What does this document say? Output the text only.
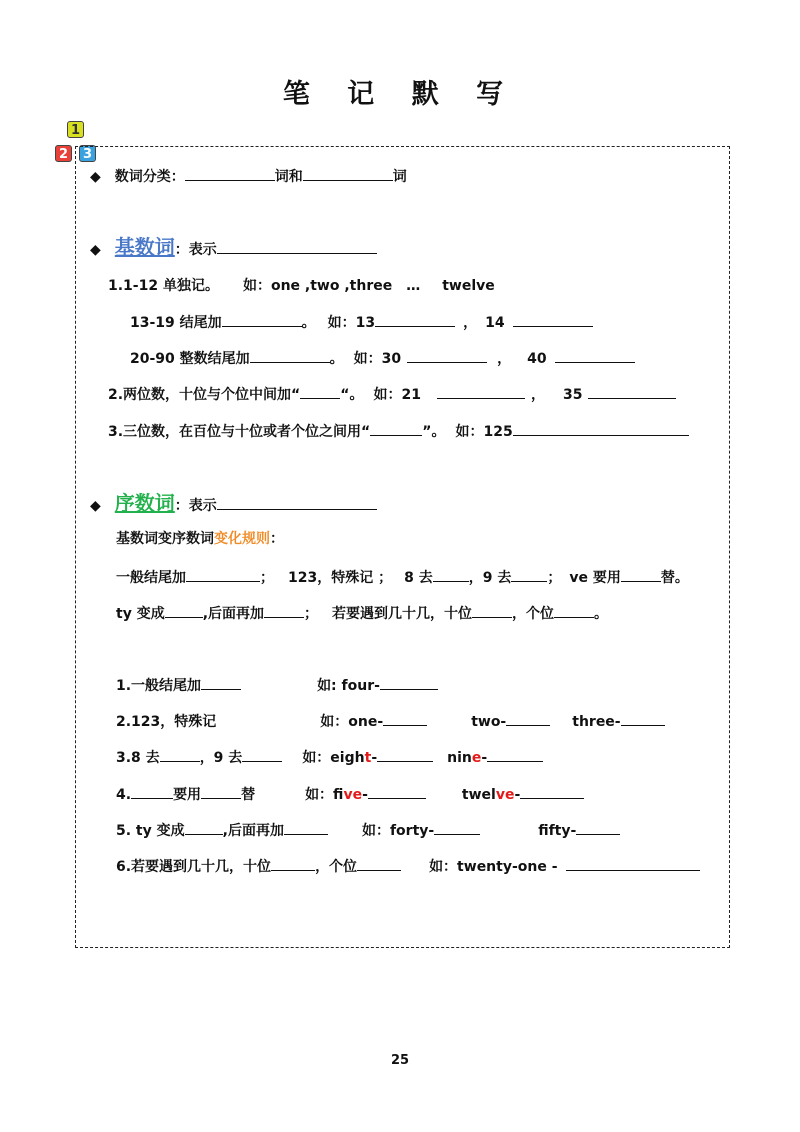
笔 记 默 写
1
2	3
◆ 数词分类：	词和	词
◆ 基数词：表示
1.1-12 单独记。 如：one ,two ,three … twelve
13-19 结尾加	。 如：13	， 14
20-90 整数结尾加	。 如：30	， 40
2.两位数，十位与个位中间加“	“。 如：21	， 35
3.三位数，在百位与十位或者个位之间用“	”。 如：125
◆ 序数词：表示
基数词变序数词变化规则：
一般结尾加	； 123，特殊记 ； 8 去	，9 去	； ve 要用	替。
ty 变成	,后面再加	； 若要遇到几十几，十位	，个位	。
1.一般结尾加	如: four-
2.123，特殊记	如：one-	two-	three-
3.8 去	，9 去	如：eight-	nine-
4.	要用	替	如：five-	twelve-
5. ty 变成	,后面再加	如：forty-	fifty-
6.若要遇到几十几，十位	，个位	如：twenty-one -
25
